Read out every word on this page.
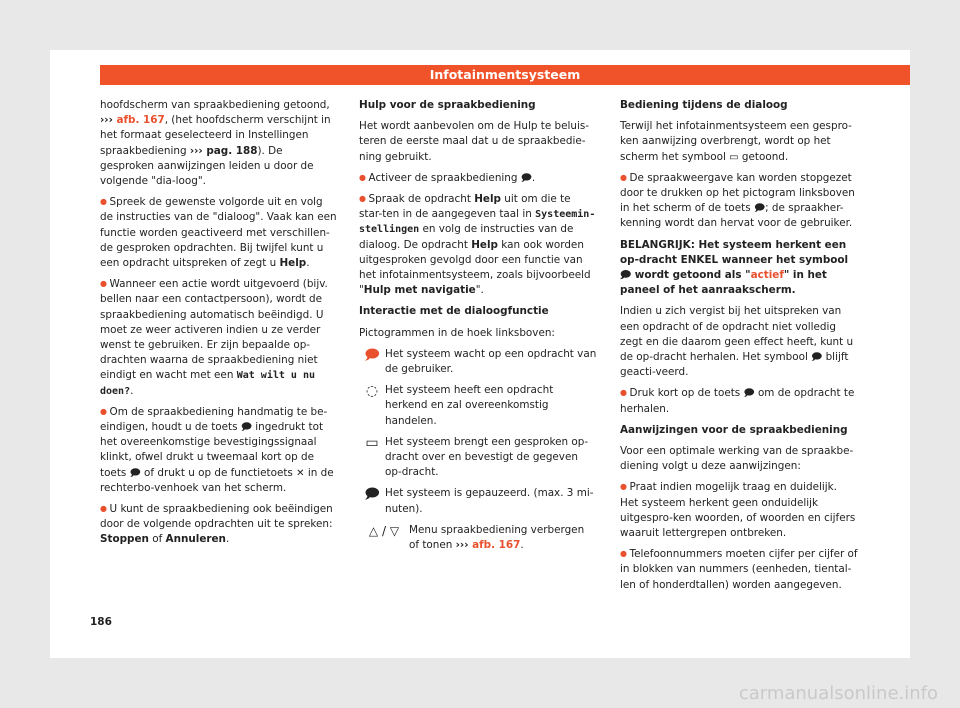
Infotainmentsysteem

hoofdscherm van spraakbediening getoond, ››› afb. 167, (het hoofdscherm verschijnt in het formaat geselecteerd in Instellingen spraakbediening ››› pag. 188). De gesproken aanwijzingen leiden u door de volgende "dia-loog".

● Spreek de gewenste volgorde uit en volg de instructies van de "dialoog". Vaak kan een functie worden geactiveerd met verschillen-de gesproken opdrachten. Bij twijfel kunt u een opdracht uitspreken of zegt u Help.

● Wanneer een actie wordt uitgevoerd (bijv. bellen naar een contactpersoon), wordt de spraakbediening automatisch beëindigd. U moet ze weer activeren indien u ze verder wenst te gebruiken. Er zijn bepaalde op-drachten waarna de spraakbediening niet eindigt en wacht met een Wat wilt u nu doen?.

● Om de spraakbediening handmatig te be-eindigen, houdt u de toets 🗩︎ ingedrukt tot het overeenkomstige bevestigingssignaal klinkt, ofwel drukt u tweemaal kort op de toets 🗩︎ of drukt u op de functietoets ✕ in de rechterbo-venhoek van het scherm.

● U kunt de spraakbediening ook beëindigen door de volgende opdrachten uit te spreken: Stoppen of Annuleren.

Hulp voor de spraakbediening

Het wordt aanbevolen om de Hulp te beluis-teren de eerste maal dat u de spraakbedie-ning gebruikt.

● Activeer de spraakbediening 🗩︎.

● Spraak de opdracht Help uit om die te star-ten in de aangegeven taal in Systeemin-stellingen en volg de instructies van de dialoog. De opdracht Help kan ook worden uitgesproken gevolgd door een functie van het infotainmentsysteem, zoals bijvoorbeeld "Hulp met navigatie".

Interactie met de dialoogfunctie

Pictogrammen in de hoek linksboven:

🗩︎ Het systeem wacht op een opdracht van de gebruiker.
◌ Het systeem heeft een opdracht herkend en zal overeenkomstig handelen.
▭ Het systeem brengt een gesproken op-dracht over en bevestigt de gegeven op-dracht.
🗩︎ Het systeem is gepauzeerd. (max. 3 mi-nuten).
△ / ▽ Menu spraakbediening verbergen of tonen ››› afb. 167.

Bediening tijdens de dialoog

Terwijl het infotainmentsysteem een gespro-ken aanwijzing overbrengt, wordt op het scherm het symbool ▭ getoond.

● De spraakweergave kan worden stopgezet door te drukken op het pictogram linksboven in het scherm of de toets 🗩︎; de spraakher-kenning wordt dan hervat voor de gebruiker.

BELANGRIJK: Het systeem herkent een op-dracht ENKEL wanneer het symbool 🗩︎ wordt getoond als "actief" in het paneel of het aanraakscherm.

Indien u zich vergist bij het uitspreken van een opdracht of de opdracht niet volledig zegt en die daarom geen effect heeft, kunt u de op-dracht herhalen. Het symbool 🗩︎ blijft geacti-veerd.

● Druk kort op de toets 🗩︎ om de opdracht te herhalen.

Aanwijzingen voor de spraakbediening

Voor een optimale werking van de spraakbe-diening volgt u deze aanwijzingen:

● Praat indien mogelijk traag en duidelijk. Het systeem herkent geen onduidelijk uitgespro-ken woorden, of woorden en cijfers waaruit lettergrepen ontbreken.

● Telefoonnummers moeten cijfer per cijfer of in blokken van nummers (eenheden, tiental-len of honderdtallen) worden aangegeven.

186
carmanualsonline.info
